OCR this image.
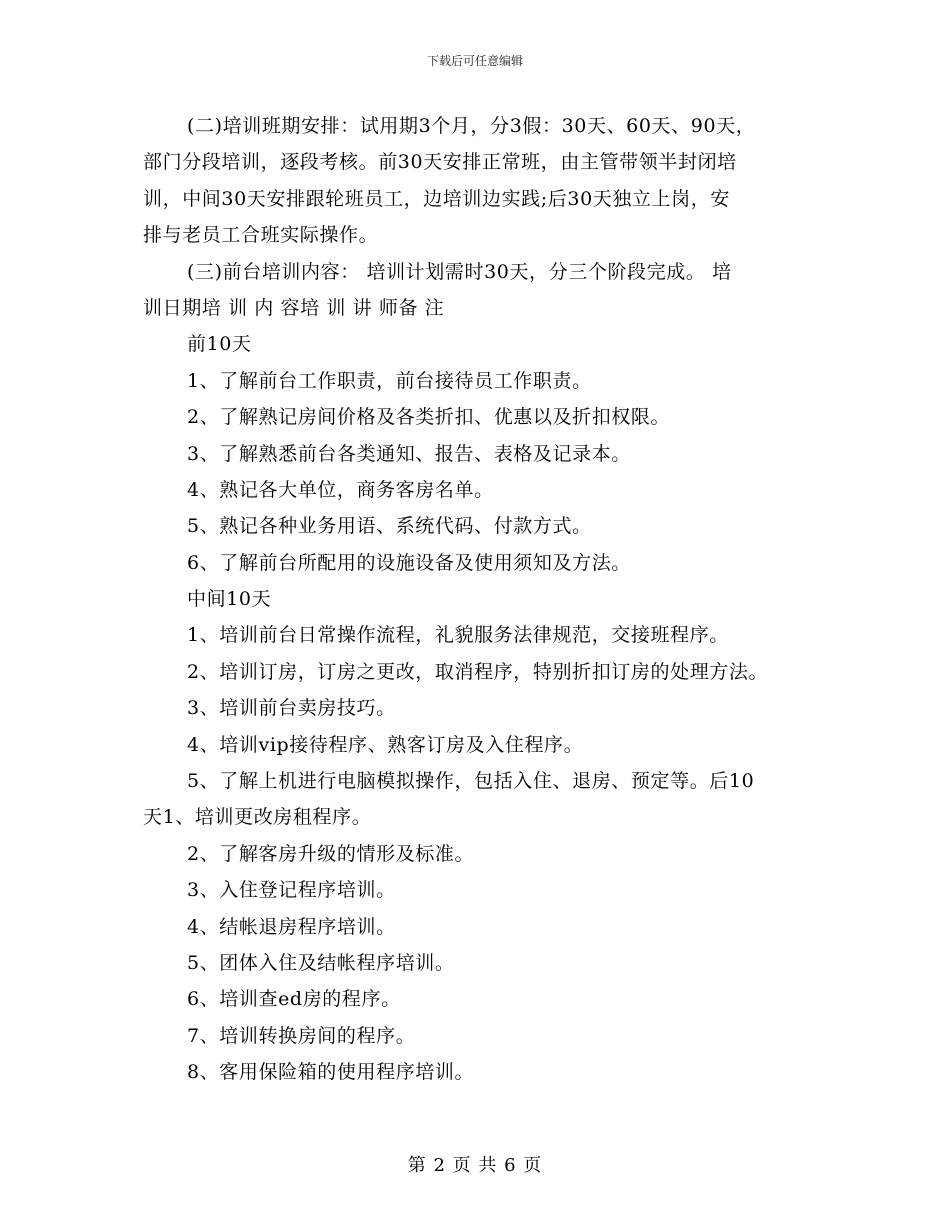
下载后可任意编辑
(二)培训班期安排：试用期3个月，分3假：30天、60天、90天，
部门分段培训，逐段考核。前30天安排正常班，由主管带领半封闭培
训，中间30天安排跟轮班员工，边培训边实践;后30天独立上岗，安
排与老员工合班实际操作。
(三)前台培训内容： 培训计划需时30天，分三个阶段完成。 培
训日期培 训 内 容培 训 讲 师备 注
前10天
1、了解前台工作职责，前台接待员工作职责。
2、了解熟记房间价格及各类折扣、优惠以及折扣权限。
3、了解熟悉前台各类通知、报告、表格及记录本。
4、熟记各大单位，商务客房名单。
5、熟记各种业务用语、系统代码、付款方式。
6、了解前台所配用的设施设备及使用须知及方法。
中间10天
1、培训前台日常操作流程，礼貌服务法律规范，交接班程序。
2、培训订房，订房之更改，取消程序，特别折扣订房的处理方法。
3、培训前台卖房技巧。
4、培训vip接待程序、熟客订房及入住程序。
5、了解上机进行电脑模拟操作，包括入住、退房、预定等。后10
天1、培训更改房租程序。
2、了解客房升级的情形及标准。
3、入住登记程序培训。
4、结帐退房程序培训。
5、团体入住及结帐程序培训。
6、培训查ed房的程序。
7、培训转换房间的程序。
8、客用保险箱的使用程序培训。
第 2 页 共 6 页
